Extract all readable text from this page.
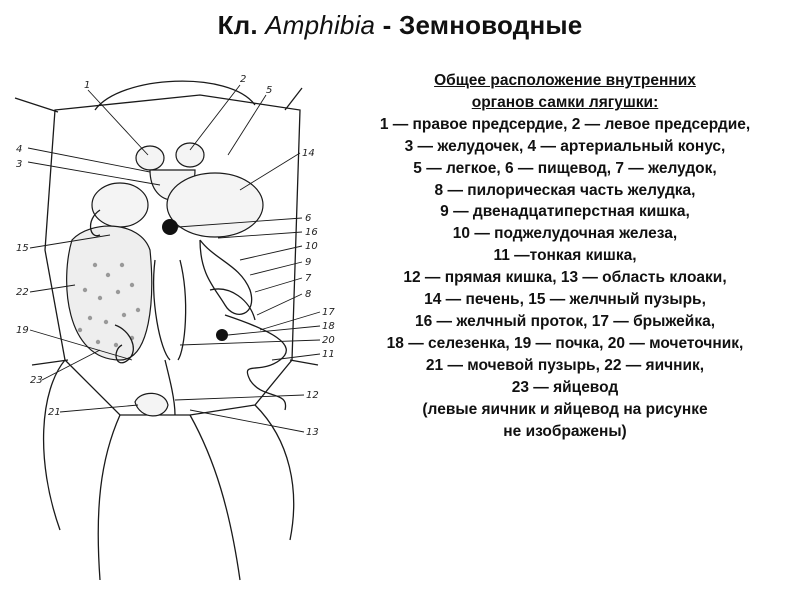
Кл. Amphibia - Земноводные
1
2
3
4
5
6
7
8
9
10
11
12
13
14
15
16
17
18
19
20
21
22
23
Общее расположение внутренних
органов самки лягушки:
1 — правое предсердие, 2 — левое предсердие,
3 — желудочек, 4 — артериальный конус,
5 — легкое, 6 — пищевод, 7 — желудок,
8 — пилорическая часть желудка,
9 — двенадцатиперстная кишка,
10 — поджелудочная железа,
11 —тонкая кишка,
12 — прямая кишка, 13 — область клоаки,
14 — печень, 15 — желчный пузырь,
16 — желчный проток, 17 — брыжейка,
18 — селезенка, 19 — почка, 20 — мочеточник,
21 — мочевой пузырь, 22 — яичник,
23 — яйцевод
(левые яичник и яйцевод на рисунке
не изображены)
